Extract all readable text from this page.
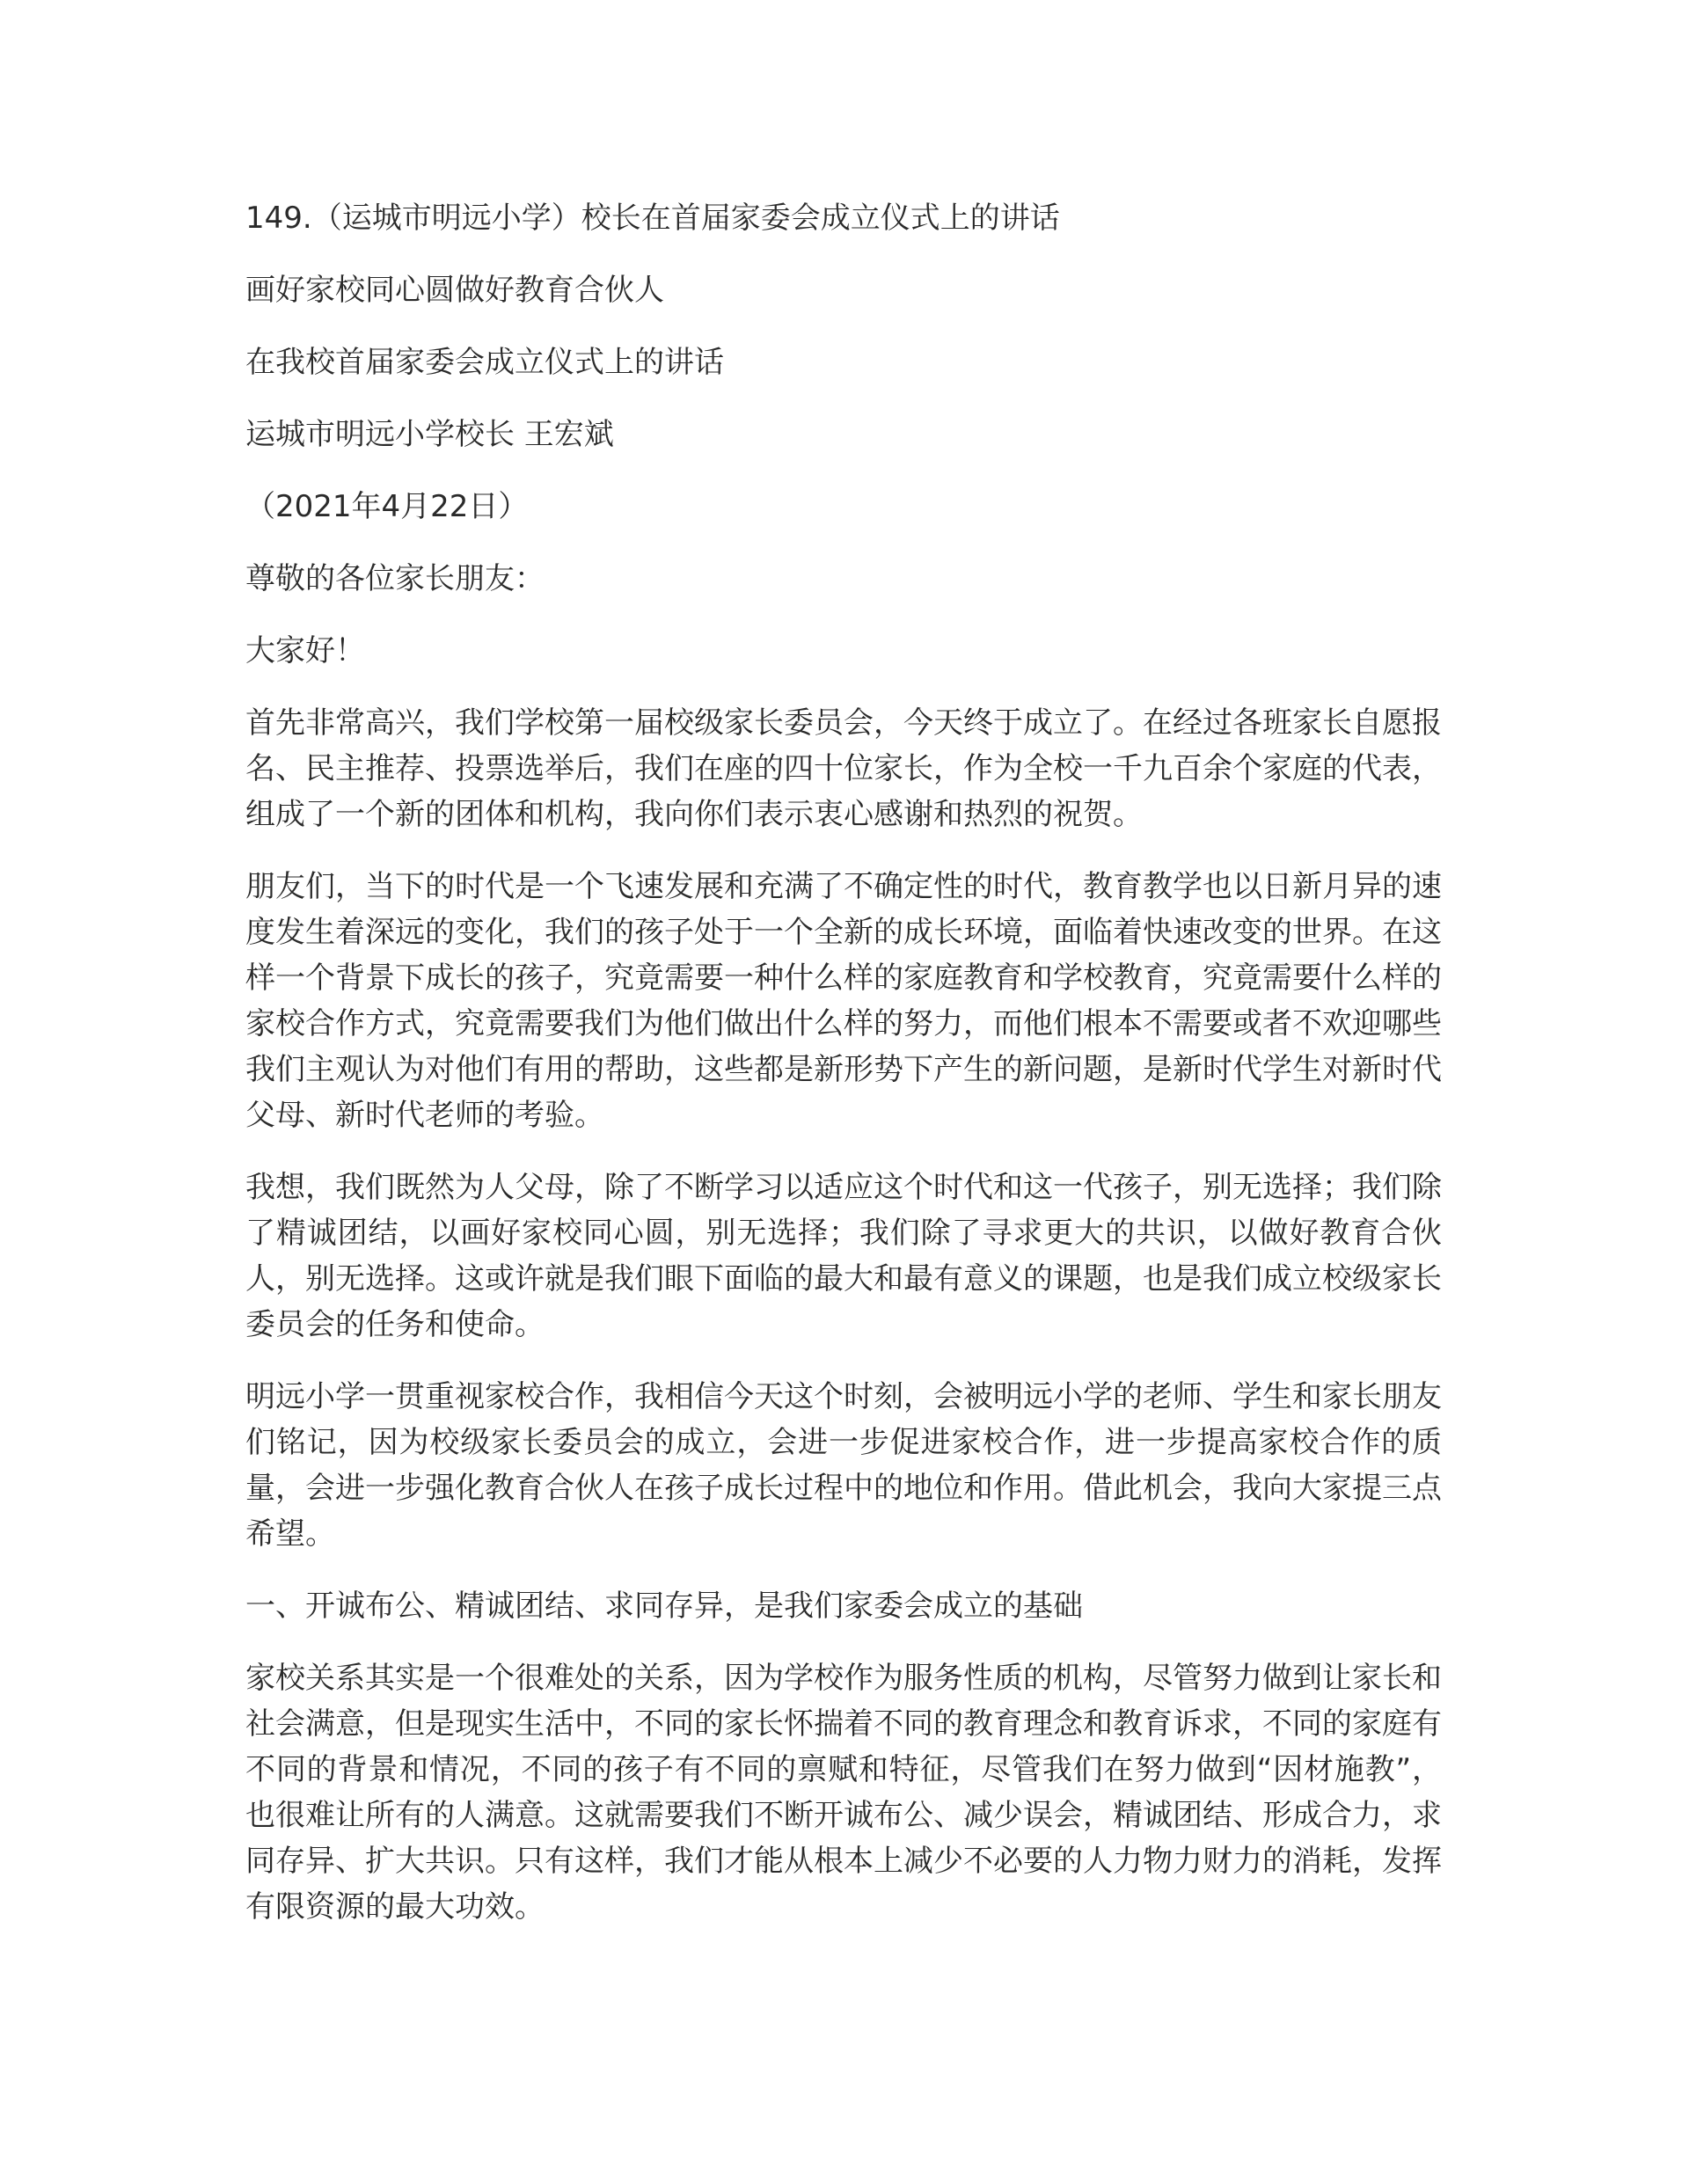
149.（运城市明远小学）校长在首届家委会成立仪式上的讲话
画好家校同心圆做好教育合伙人
在我校首届家委会成立仪式上的讲话
运城市明远小学校长 王宏斌
（2021年4月22日）
尊敬的各位家长朋友：
大家好！
首先非常高兴，我们学校第一届校级家长委员会，今天终于成立了。在经过各班家长自愿报名、民主推荐、投票选举后，我们在座的四十位家长，作为全校一千九百余个家庭的代表，组成了一个新的团体和机构，我向你们表示衷心感谢和热烈的祝贺。
朋友们，当下的时代是一个飞速发展和充满了不确定性的时代，教育教学也以日新月异的速度发生着深远的变化，我们的孩子处于一个全新的成长环境，面临着快速改变的世界。在这样一个背景下成长的孩子，究竟需要一种什么样的家庭教育和学校教育，究竟需要什么样的家校合作方式，究竟需要我们为他们做出什么样的努力，而他们根本不需要或者不欢迎哪些我们主观认为对他们有用的帮助，这些都是新形势下产生的新问题，是新时代学生对新时代父母、新时代老师的考验。
我想，我们既然为人父母，除了不断学习以适应这个时代和这一代孩子，别无选择；我们除了精诚团结，以画好家校同心圆，别无选择；我们除了寻求更大的共识，以做好教育合伙人，别无选择。这或许就是我们眼下面临的最大和最有意义的课题，也是我们成立校级家长委员会的任务和使命。
明远小学一贯重视家校合作，我相信今天这个时刻，会被明远小学的老师、学生和家长朋友们铭记，因为校级家长委员会的成立，会进一步促进家校合作，进一步提高家校合作的质量，会进一步强化教育合伙人在孩子成长过程中的地位和作用。借此机会，我向大家提三点希望。
一、开诚布公、精诚团结、求同存异，是我们家委会成立的基础
家校关系其实是一个很难处的关系，因为学校作为服务性质的机构，尽管努力做到让家长和社会满意，但是现实生活中，不同的家长怀揣着不同的教育理念和教育诉求，不同的家庭有不同的背景和情况，不同的孩子有不同的禀赋和特征，尽管我们在努力做到“因材施教”，也很难让所有的人满意。这就需要我们不断开诚布公、减少误会，精诚团结、形成合力，求同存异、扩大共识。只有这样，我们才能从根本上减少不必要的人力物力财力的消耗，发挥有限资源的最大功效。
